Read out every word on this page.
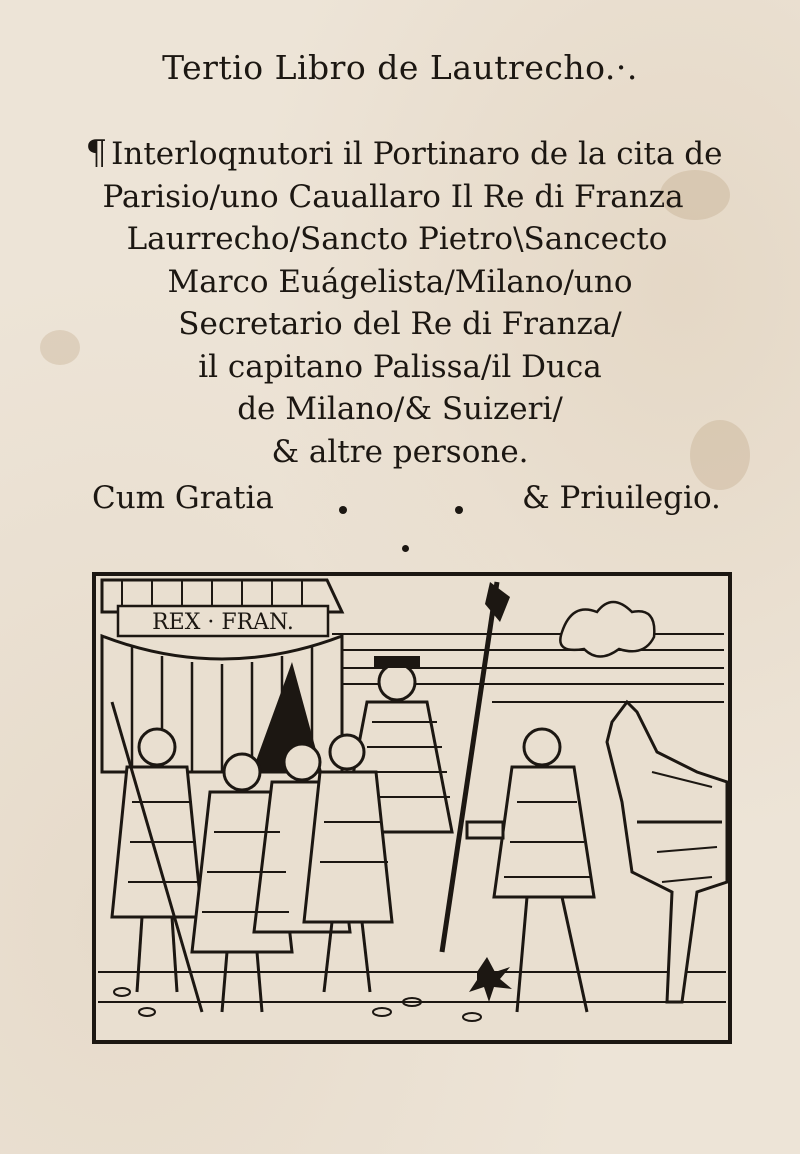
Tertio Libro de Lautrecho.·.
¶ Interloqnutori il Portinaro de la cita de
Parisio/uno Cauallaro Il Re di Franza
Laurrecho/Sancto Pietro\Sancecto
Marco Euágelista/Milano/uno
Secretario del Re di Franza/
il capitano Palissa/il Duca
de Milano/& Suizeri/
& altre persone.
Cum Gratia	& Priuilegio.
REX · FRAN.
